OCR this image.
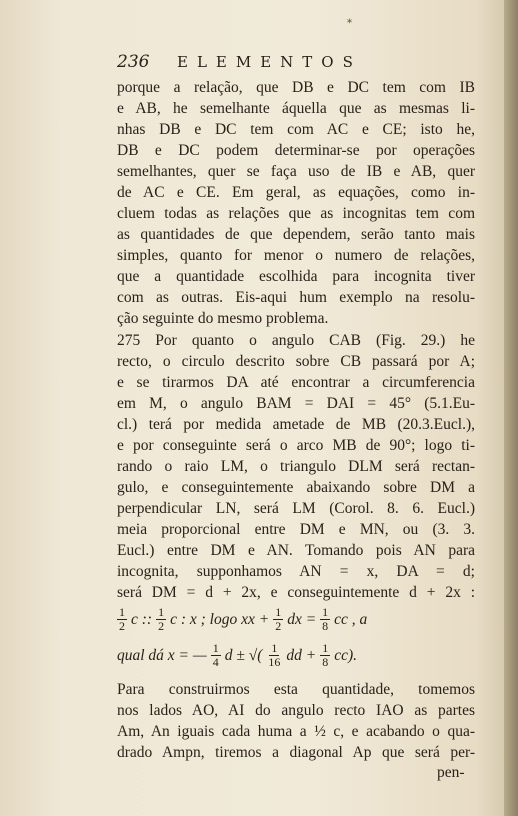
*
236 ELEMENTOS
porque a relação, que DB e DC tem com IB
e AB, he semelhante áquella que as mesmas li-
nhas DB e DC tem com AC e CE; isto he,
DB e DC podem determinar-se por operações
semelhantes, quer se faça uso de IB e AB, quer
de AC e CE. Em geral, as equações, como in-
cluem todas as relações que as incognitas tem com
as quantidades de que dependem, serão tanto mais
simples, quanto for menor o numero de relações,
que a quantidade escolhida para incognita tiver
com as outras. Eis-aqui hum exemplo na resolu-
ção seguinte do mesmo problema.
275 Por quanto o angulo CAB (Fig. 29.) he
recto, o circulo descrito sobre CB passará por A;
e se tirarmos DA até encontrar a circumferencia
em M, o angulo BAM = DAI = 45° (5.1.Eu-
cl.) terá por medida ametade de MB (20.3.Eucl.),
e por conseguinte será o arco MB de 90°; logo ti-
rando o raio LM, o triangulo DLM será rectan-
gulo, e conseguintemente abaixando sobre DM a
perpendicular LN, será LM (Corol. 8. 6. Eucl.)
meia proporcional entre DM e MN, ou (3. 3.
Eucl.) entre DM e AN. Tomando pois AN para
incognita, supponhamos AN = x, DA = d;
será DM = d + 2x, e conseguintemente d + 2x :
$\frac{1}{2}$ c :: $\frac{1}{2}$ c : x ; logo xx + $\frac{1}{2}$ dx = $\frac{1}{8}$ cc , a
qual dá x = — $\frac{1}{4}$ d ± √( $\frac{1}{16}$ dd + $\frac{1}{8} cc$).
Para construirmos esta quantidade, tomemos
nos lados AO, AI do angulo recto IAO as partes
Am, An iguais cada huma a ½ c, e acabando o qua-
drado Ampn, tiremos a diagonal Ap que será per-
pen-
